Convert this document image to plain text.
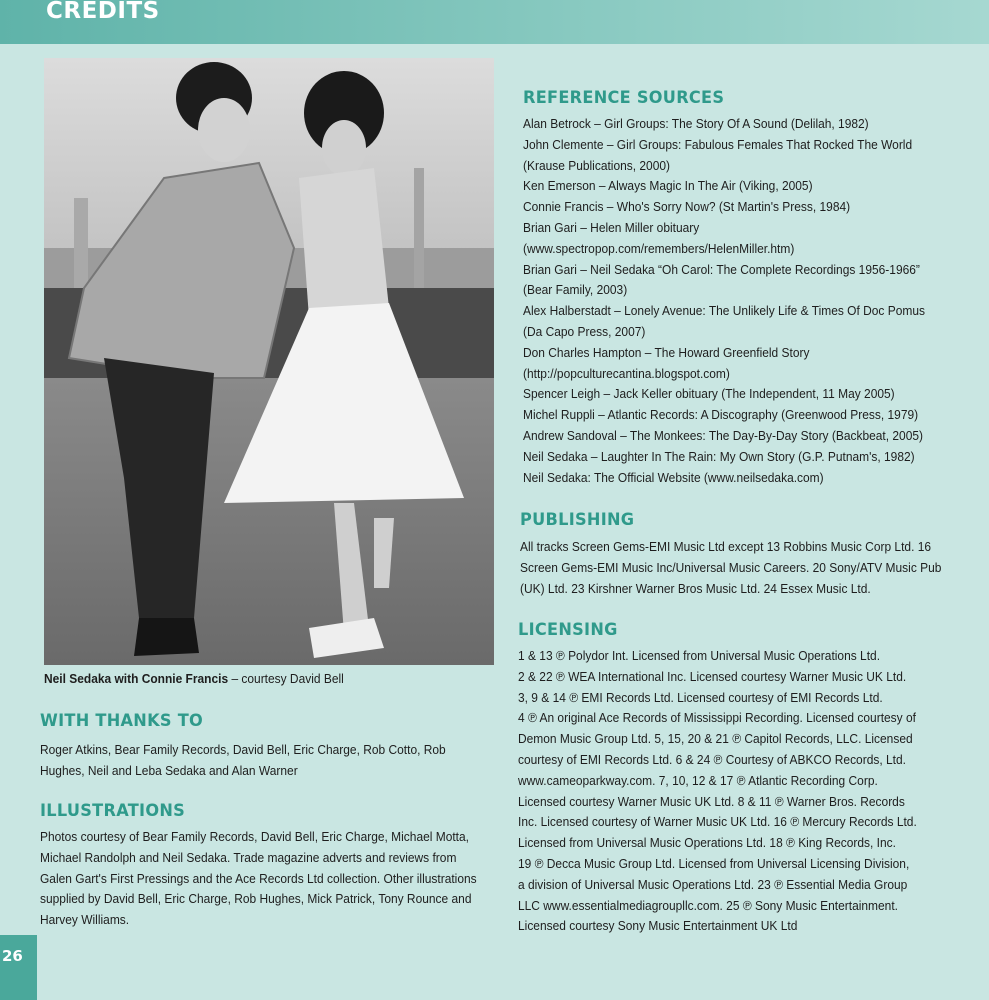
CREDITS
Neil Sedaka with Connie Francis – courtesy David Bell
WITH THANKS TO

Roger Atkins, Bear Family Records, David Bell, Eric Charge, Rob Cotto, Rob Hughes, Neil and Leba Sedaka and Alan Warner

ILLUSTRATIONS

Photos courtesy of Bear Family Records, David Bell, Eric Charge, Michael Motta, Michael Randolph and Neil Sedaka. Trade magazine adverts and reviews from Galen Gart's First Pressings and the Ace Records Ltd collection. Other illustrations supplied by David Bell, Eric Charge, Rob Hughes, Mick Patrick, Tony Rounce and Harvey Williams.

REFERENCE SOURCES
Alan Betrock – Girl Groups: The Story Of A Sound (Delilah, 1982)
John Clemente – Girl Groups: Fabulous Females That Rocked The World
(Krause Publications, 2000)
Ken Emerson – Always Magic In The Air (Viking, 2005)
Connie Francis – Who's Sorry Now? (St Martin's Press, 1984)
Brian Gari – Helen Miller obituary
(www.spectropop.com/remembers/HelenMiller.htm)
Brian Gari – Neil Sedaka “Oh Carol: The Complete Recordings 1956-1966”
(Bear Family, 2003)
Alex Halberstadt – Lonely Avenue: The Unlikely Life & Times Of Doc Pomus
(Da Capo Press, 2007)
Don Charles Hampton – The Howard Greenfield Story
(http://popculturecantina.blogspot.com)
Spencer Leigh – Jack Keller obituary (The Independent, 11 May 2005)
Michel Ruppli – Atlantic Records: A Discography (Greenwood Press, 1979)
Andrew Sandoval – The Monkees: The Day-By-Day Story (Backbeat, 2005)
Neil Sedaka – Laughter In The Rain: My Own Story (G.P. Putnam's, 1982)
Neil Sedaka: The Official Website (www.neilsedaka.com)
PUBLISHING

All tracks Screen Gems-EMI Music Ltd except 13 Robbins Music Corp Ltd. 16 Screen Gems-EMI Music Inc/Universal Music Careers. 20 Sony/ATV Music Pub (UK) Ltd. 23 Kirshner Warner Bros Music Ltd. 24 Essex Music Ltd.

LICENSING
1 & 13 ℗ Polydor Int. Licensed from Universal Music Operations Ltd.
2 & 22 ℗ WEA International Inc. Licensed courtesy Warner Music UK Ltd.
3, 9 & 14 ℗ EMI Records Ltd. Licensed courtesy of EMI Records Ltd.
4 ℗ An original Ace Records of Mississippi Recording. Licensed courtesy of
Demon Music Group Ltd. 5, 15, 20 & 21 ℗ Capitol Records, LLC. Licensed
courtesy of EMI Records Ltd. 6 & 24 ℗ Courtesy of ABKCO Records, Ltd.
www.cameoparkway.com. 7, 10, 12 & 17 ℗ Atlantic Recording Corp.
Licensed courtesy Warner Music UK Ltd. 8 & 11 ℗ Warner Bros. Records
Inc. Licensed courtesy of Warner Music UK Ltd. 16 ℗ Mercury Records Ltd.
Licensed from Universal Music Operations Ltd. 18 ℗ King Records, Inc.
19 ℗ Decca Music Group Ltd. Licensed from Universal Licensing Division,
a division of Universal Music Operations Ltd. 23 ℗ Essential Media Group
LLC www.essentialmediagroupllc.com. 25 ℗ Sony Music Entertainment.
Licensed courtesy Sony Music Entertainment UK Ltd
26
